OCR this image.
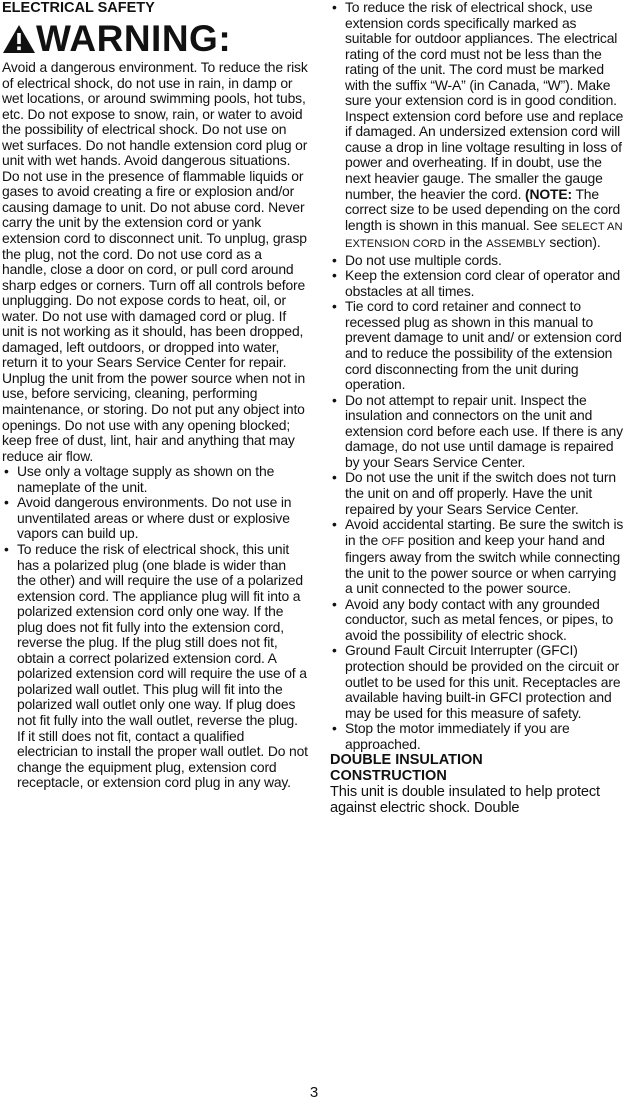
ELECTRICAL SAFETY
WARNING:

Avoid a dangerous environment. To reduce the risk of electrical shock, do not use in rain, in damp or wet locations, or around swimming pools, hot tubs, etc. Do not expose to snow, rain, or water to avoid the possibility of electrical shock. Do not use on wet surfaces. Do not handle extension cord plug or unit with wet hands. Avoid dangerous situations. Do not use in the presence of flammable liquids or gases to avoid creating a fire or explosion and/or causing damage to unit. Do not abuse cord. Never carry the unit by the extension cord or yank extension cord to disconnect unit. To unplug, grasp the plug, not the cord. Do not use cord as a handle, close a door on cord, or pull cord around sharp edges or corners. Turn off all controls before unplugging. Do not expose cords to heat, oil, or water. Do not use with damaged cord or plug. If unit is not working as it should, has been dropped, damaged, left outdoors, or dropped into water, return it to your Sears Service Center for repair. Unplug the unit from the power source when not in use, before servicing, cleaning, performing maintenance, or storing. Do not put any object into openings. Do not use with any opening blocked; keep free of dust, lint, hair and anything that may reduce air flow.

• Use only a voltage supply as shown on the nameplate of the unit.
• Avoid dangerous environments. Do not use in unventilated areas or where dust or explosive vapors can build up.
• To reduce the risk of electrical shock, this unit has a polarized plug (one blade is wider than the other) and will require the use of a polarized extension cord. The appliance plug will fit into a polarized extension cord only one way. If the plug does not fit fully into the extension cord, reverse the plug. If the plug still does not fit, obtain a correct polarized extension cord. A polarized extension cord will require the use of a polarized wall outlet. This plug will fit into the polarized wall outlet only one way. If plug does not fit fully into the wall outlet, reverse the plug. If it still does not fit, contact a qualified electrician to install the proper wall outlet. Do not change the equipment plug, extension cord receptacle, or extension cord plug in any way.
• To reduce the risk of electrical shock, use extension cords specifically marked as suitable for outdoor appliances. The electrical rating of the cord must not be less than the rating of the unit. The cord must be marked with the suffix “W-A” (in Canada, “W”). Make sure your extension cord is in good condition. Inspect extension cord before use and replace if damaged. An undersized extension cord will cause a drop in line voltage resulting in loss of power and overheating. If in doubt, use the next heavier gauge. The smaller the gauge number, the heavier the cord. (NOTE: The correct size to be used depending on the cord length is shown in this manual. See SELECT AN EXTENSION CORD in the ASSEMBLY section).
• Do not use multiple cords.
• Keep the extension cord clear of operator and obstacles at all times.
• Tie cord to cord retainer and connect to recessed plug as shown in this manual to prevent damage to unit and/ or extension cord and to reduce the possibility of the extension cord disconnecting from the unit during operation.
• Do not attempt to repair unit. Inspect the insulation and connectors on the unit and extension cord before each use. If there is any damage, do not use until damage is repaired by your Sears Service Center.
• Do not use the unit if the switch does not turn the unit on and off properly. Have the unit repaired by your Sears Service Center.
• Avoid accidental starting. Be sure the switch is in the OFF position and keep your hand and fingers away from the switch while connecting the unit to the power source or when carrying a unit connected to the power source.
• Avoid any body contact with any grounded conductor, such as metal fences, or pipes, to avoid the possibility of electric shock.
• Ground Fault Circuit Interrupter (GFCI) protection should be provided on the circuit or outlet to be used for this unit. Receptacles are available having built-in GFCI protection and may be used for this measure of safety.
• Stop the motor immediately if you are approached.
DOUBLE INSULATION
CONSTRUCTION

This unit is double insulated to help protect against electric shock. Double

3
